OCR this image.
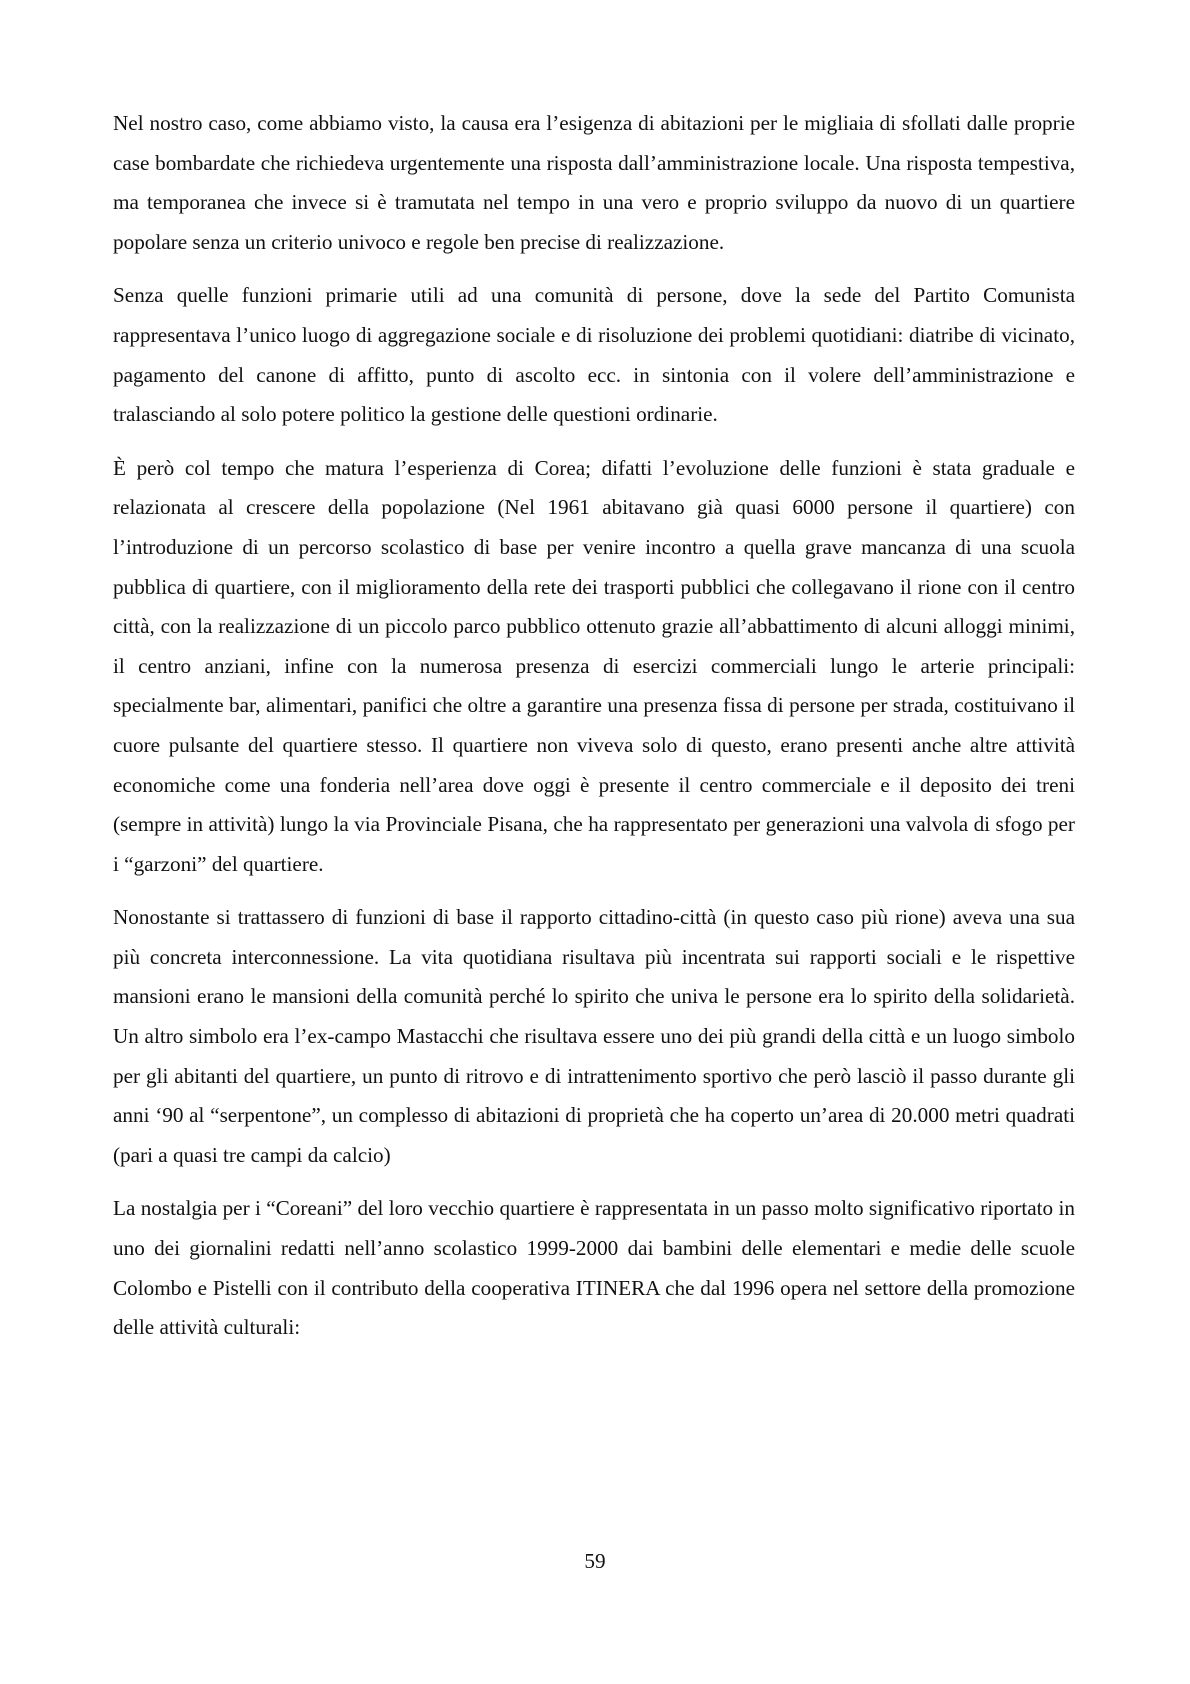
Nel nostro caso, come abbiamo visto, la causa era l’esigenza di abitazioni per le migliaia di sfollati dalle proprie case bombardate che richiedeva urgentemente una risposta dall’amministrazione locale. Una risposta tempestiva, ma temporanea che invece si è tramutata nel tempo in una vero e proprio sviluppo da nuovo di un quartiere popolare senza un criterio univoco e regole ben precise di realizzazione.

Senza quelle funzioni primarie utili ad una comunità di persone, dove la sede del Partito Comunista rappresentava l’unico luogo di aggregazione sociale e di risoluzione dei problemi quotidiani: diatribe di vicinato, pagamento del canone di affitto, punto di ascolto ecc. in sintonia con il volere dell’amministrazione e tralasciando al solo potere politico la gestione delle questioni ordinarie.

È però col tempo che matura l’esperienza di Corea; difatti l’evoluzione delle funzioni è stata graduale e relazionata al crescere della popolazione (Nel 1961 abitavano già quasi 6000 persone il quartiere) con l’introduzione di un percorso scolastico di base per venire incontro a quella grave mancanza di una scuola pubblica di quartiere, con il miglioramento della rete dei trasporti pubblici che collegavano il rione con il centro città, con la realizzazione di un piccolo parco pubblico ottenuto grazie all’abbattimento di alcuni alloggi minimi, il centro anziani, infine con la numerosa presenza di esercizi commerciali lungo le arterie principali: specialmente bar, alimentari, panifici che oltre a garantire una presenza fissa di persone per strada, costituivano il cuore pulsante del quartiere stesso. Il quartiere non viveva solo di questo, erano presenti anche altre attività economiche come una fonderia nell’area dove oggi è presente il centro commerciale e il deposito dei treni (sempre in attività) lungo la via Provinciale Pisana, che ha rappresentato per generazioni una valvola di sfogo per i “garzoni” del quartiere.

Nonostante si trattassero di funzioni di base il rapporto cittadino-città (in questo caso più rione) aveva una sua più concreta interconnessione. La vita quotidiana risultava più incentrata sui rapporti sociali e le rispettive mansioni erano le mansioni della comunità perché lo spirito che univa le persone era lo spirito della solidarietà. Un altro simbolo era l’ex-campo Mastacchi che risultava essere uno dei più grandi della città e un luogo simbolo per gli abitanti del quartiere, un punto di ritrovo e di intrattenimento sportivo che però lasciò il passo durante gli anni ‘90 al “serpentone”, un complesso di abitazioni di proprietà che ha coperto un’area di 20.000 metri quadrati (pari a quasi tre campi da calcio)

La nostalgia per i “Coreani” del loro vecchio quartiere è rappresentata in un passo molto significativo riportato in uno dei giornalini redatti nell’anno scolastico 1999-2000 dai bambini delle elementari e medie delle scuole Colombo e Pistelli con il contributo della cooperativa ITINERA che dal 1996 opera nel settore della promozione delle attività culturali:

59
